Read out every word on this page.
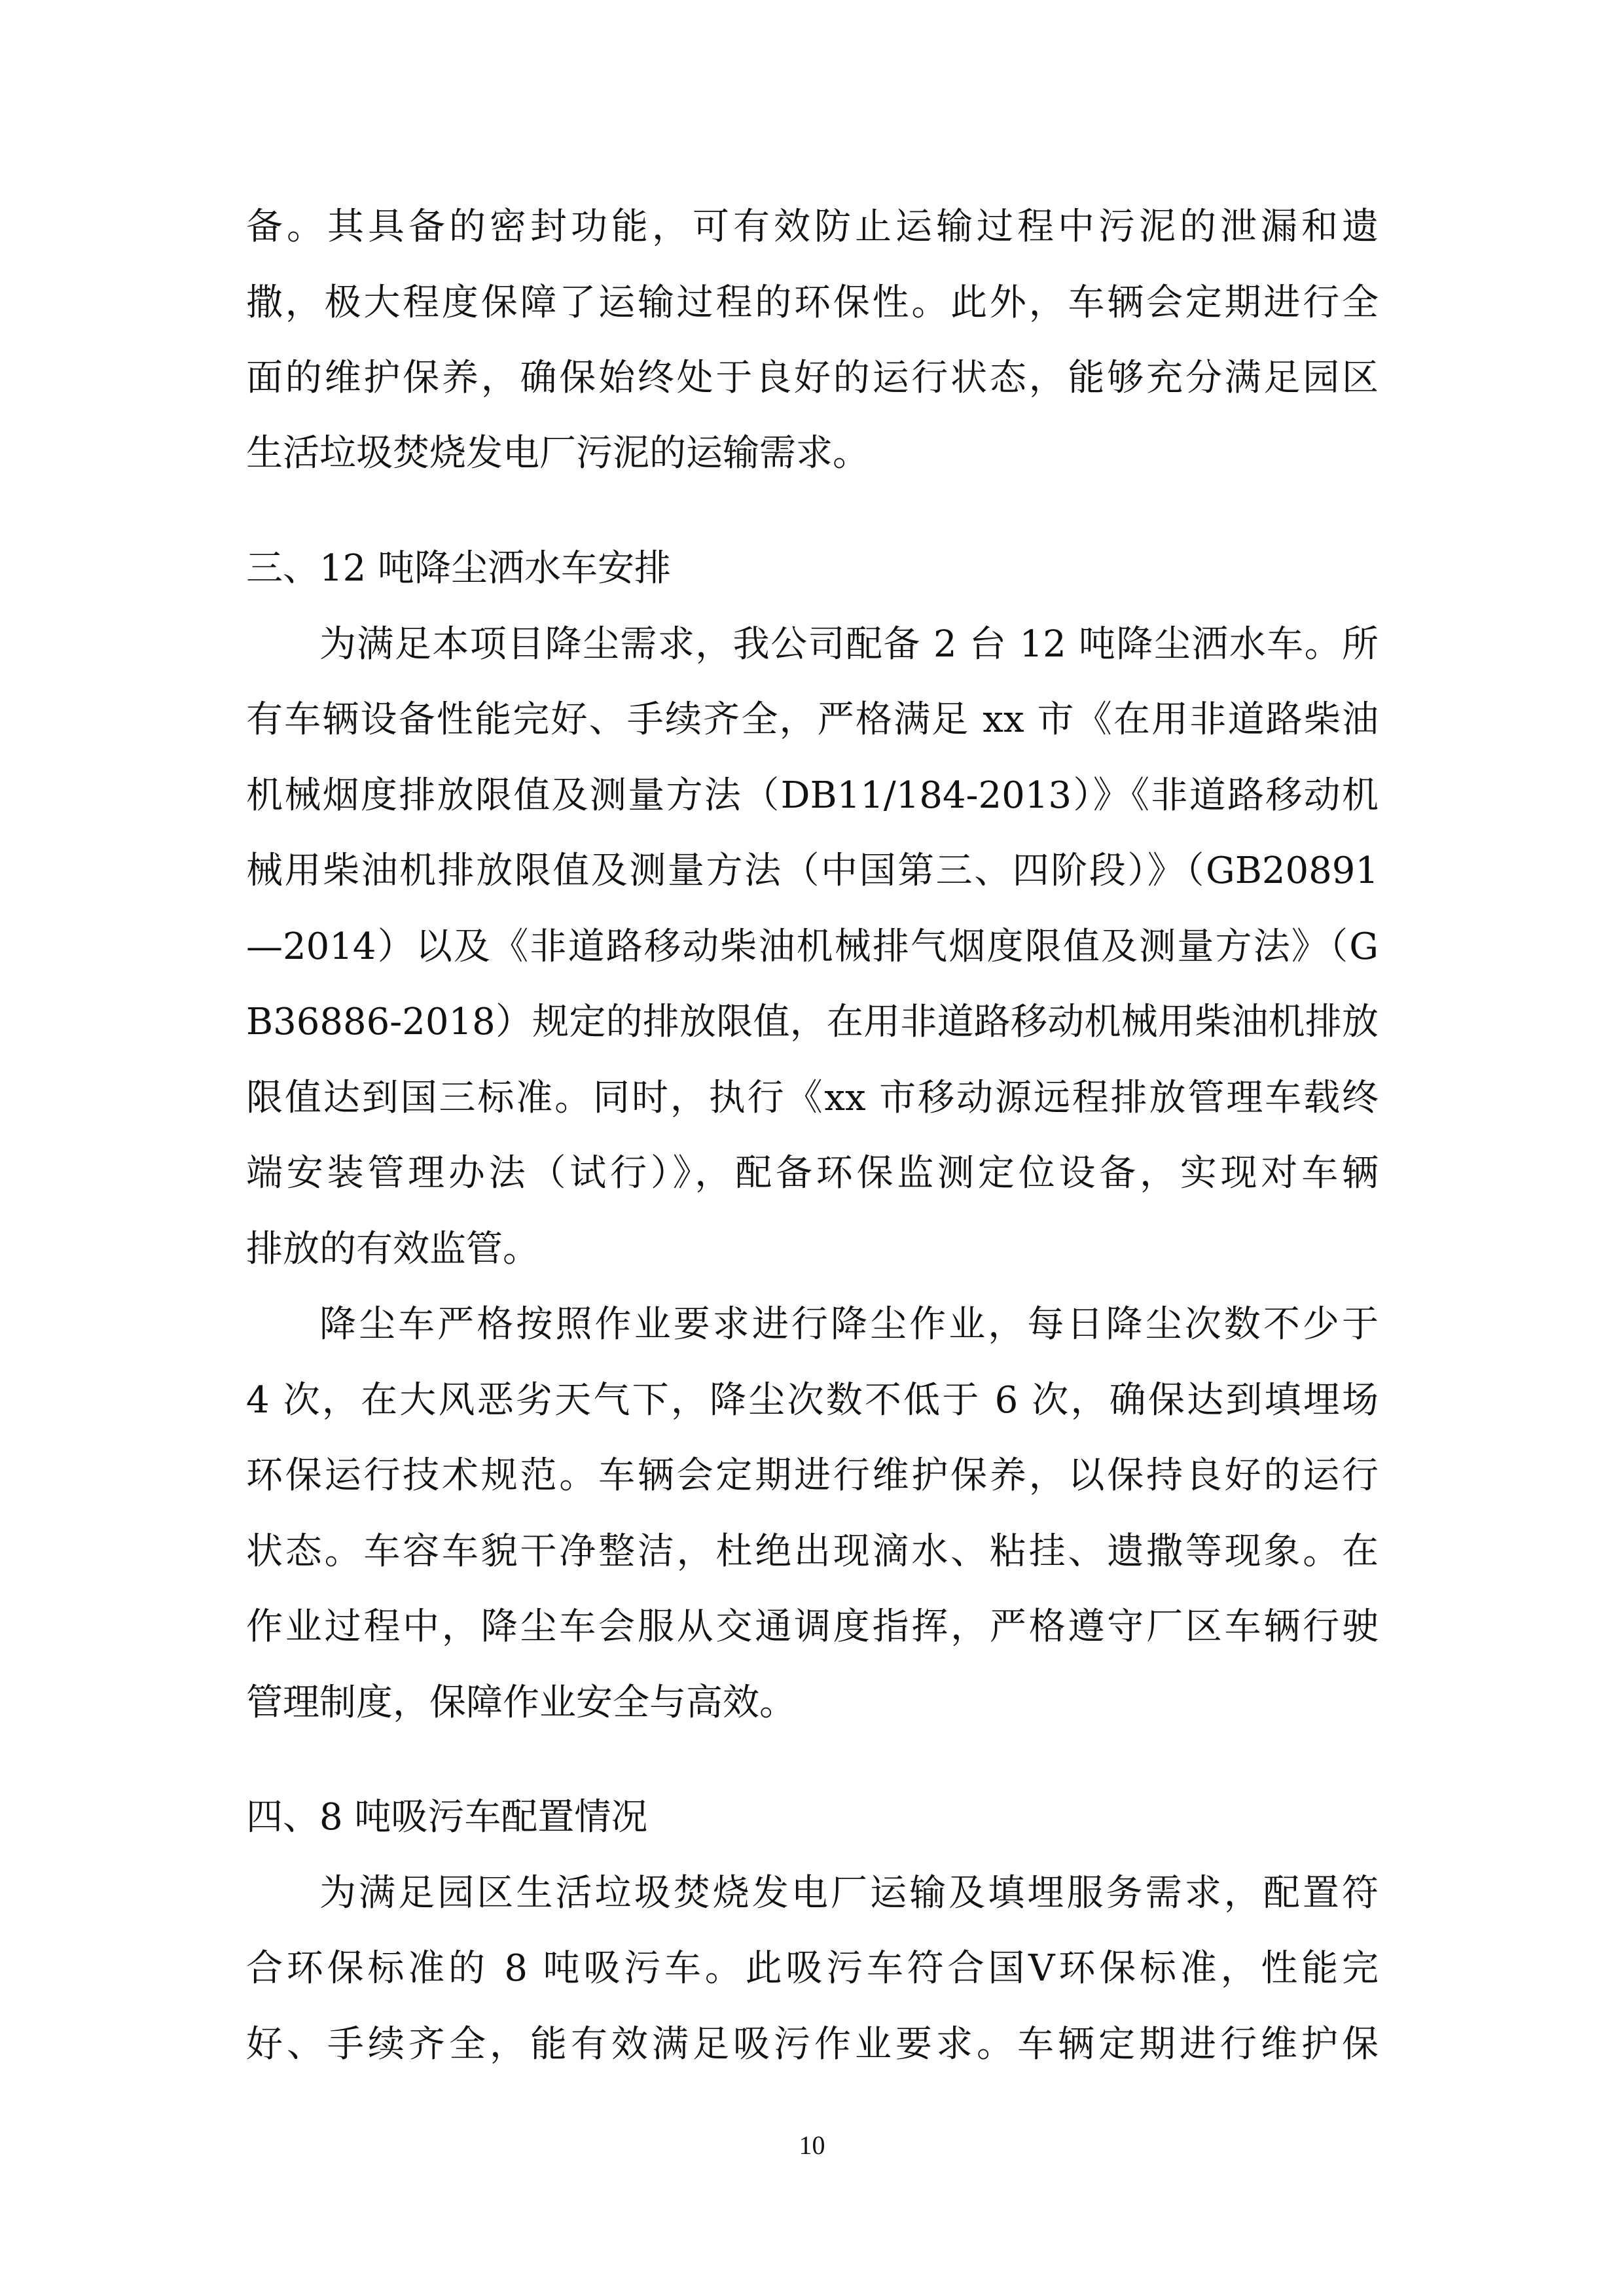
备。其具备的密封功能，可有效防止运输过程中污泥的泄漏和遗
撒，极大程度保障了运输过程的环保性。此外，车辆会定期进行全
面的维护保养，确保始终处于良好的运行状态，能够充分满足园区
生活垃圾焚烧发电厂污泥的运输需求。
三、12 吨降尘洒水车安排
为满足本项目降尘需求，我公司配备 2 台 12 吨降尘洒水车。所
有车辆设备性能完好、手续齐全，严格满足 xx 市《在用非道路柴油
机械烟度排放限值及测量方法（DB11/184-2013）》《非道路移动机
械用柴油机排放限值及测量方法（中国第三、四阶段）》（GB20891
—2014）以及《非道路移动柴油机械排气烟度限值及测量方法》（G
B36886-2018）规定的排放限值，在用非道路移动机械用柴油机排放
限值达到国三标准。同时，执行《xx 市移动源远程排放管理车载终
端安装管理办法（试行）》，配备环保监测定位设备，实现对车辆
排放的有效监管。
降尘车严格按照作业要求进行降尘作业，每日降尘次数不少于
4 次，在大风恶劣天气下，降尘次数不低于 6 次，确保达到填埋场
环保运行技术规范。车辆会定期进行维护保养，以保持良好的运行
状态。车容车貌干净整洁，杜绝出现滴水、粘挂、遗撒等现象。在
作业过程中，降尘车会服从交通调度指挥，严格遵守厂区车辆行驶
管理制度，保障作业安全与高效。
四、8 吨吸污车配置情况
为满足园区生活垃圾焚烧发电厂运输及填埋服务需求，配置符
合环保标准的 8 吨吸污车。此吸污车符合国Ⅴ环保标准，性能完
好、手续齐全，能有效满足吸污作业要求。车辆定期进行维护保
10
